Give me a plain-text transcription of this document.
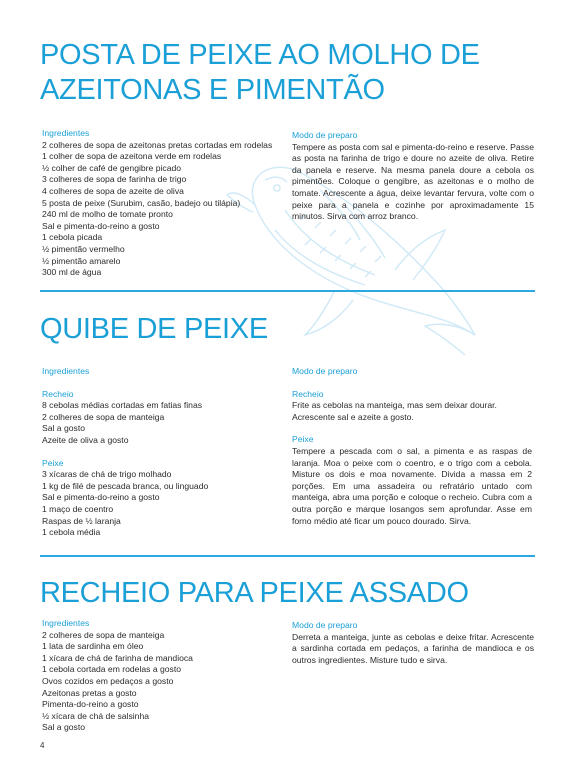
POSTA DE PEIXE AO MOLHO DE
AZEITONAS E PIMENTÃO

Ingredientes

2 colheres de sopa de azeitonas pretas cortadas em rodelas
1 colher de sopa de azeitona verde em rodelas
½ colher de café de gengibre picado
3 colheres de sopa de farinha de trigo
4 colheres de sopa de azeite de oliva
5 posta de peixe (Surubim, casão, badejo ou tilápia)
240 ml de molho de tomate pronto
Sal e pimenta-do-reino a gosto
1 cebola picada
½ pimentão vermelho
½ pimentão amarelo
300 ml de água

Modo de preparo

Tempere as posta com sal e pimenta-do-reino e reserve. Passe as posta na farinha de trigo e doure no azeite de oliva. Retire da panela e reserve. Na mesma panela doure a cebola os pimentões. Coloque o gengibre, as azeitonas e o molho de tomate. Acrescente a água, deixe levantar fervura, volte com o peixe para a panela e cozinhe por aproximadamente 15 minutos. Sirva com arroz branco.

QUIBE DE PEIXE

Ingredientes

Recheio

8 cebolas médias cortadas em fatias finas
2 colheres de sopa de manteiga
Sal a gosto
Azeite de oliva a gosto

Peixe

3 xícaras de chá de trigo molhado
1 kg de filé de pescada branca, ou linguado
Sal e pimenta-do-reino a gosto
1 maço de coentro
Raspas de ½ laranja
1 cebola média

Modo de preparo

Recheio

Frite as cebolas na manteiga, mas sem deixar dourar. Acrescente sal e azeite a gosto.

Peixe

Tempere a pescada com o sal, a pimenta e as raspas de laranja. Moa o peixe com o coentro, e o trigo com a cebola. Misture os dois e moa novamente. Divida a massa em 2 porções. Em uma assadeira ou refratário untado com manteiga, abra uma porção e coloque o recheio. Cubra com a outra porção e marque losangos sem aprofundar. Asse em forno médio até ficar um pouco dourado. Sirva.

RECHEIO PARA PEIXE ASSADO

Ingredientes

2 colheres de sopa de manteiga
1 lata de sardinha em óleo
1 xícara de chá de farinha de mandioca
1 cebola cortada em rodelas a gosto
Ovos cozidos em pedaços a gosto
Azeitonas pretas a gosto
Pimenta-do-reino a gosto
½ xícara de chá de salsinha
Sal a gosto

Modo de preparo

Derreta a manteiga, junte as cebolas e deixe fritar. Acrescente a sardinha cortada em pedaços, a farinha de mandioca e os outros ingredientes. Misture tudo e sirva.

4
